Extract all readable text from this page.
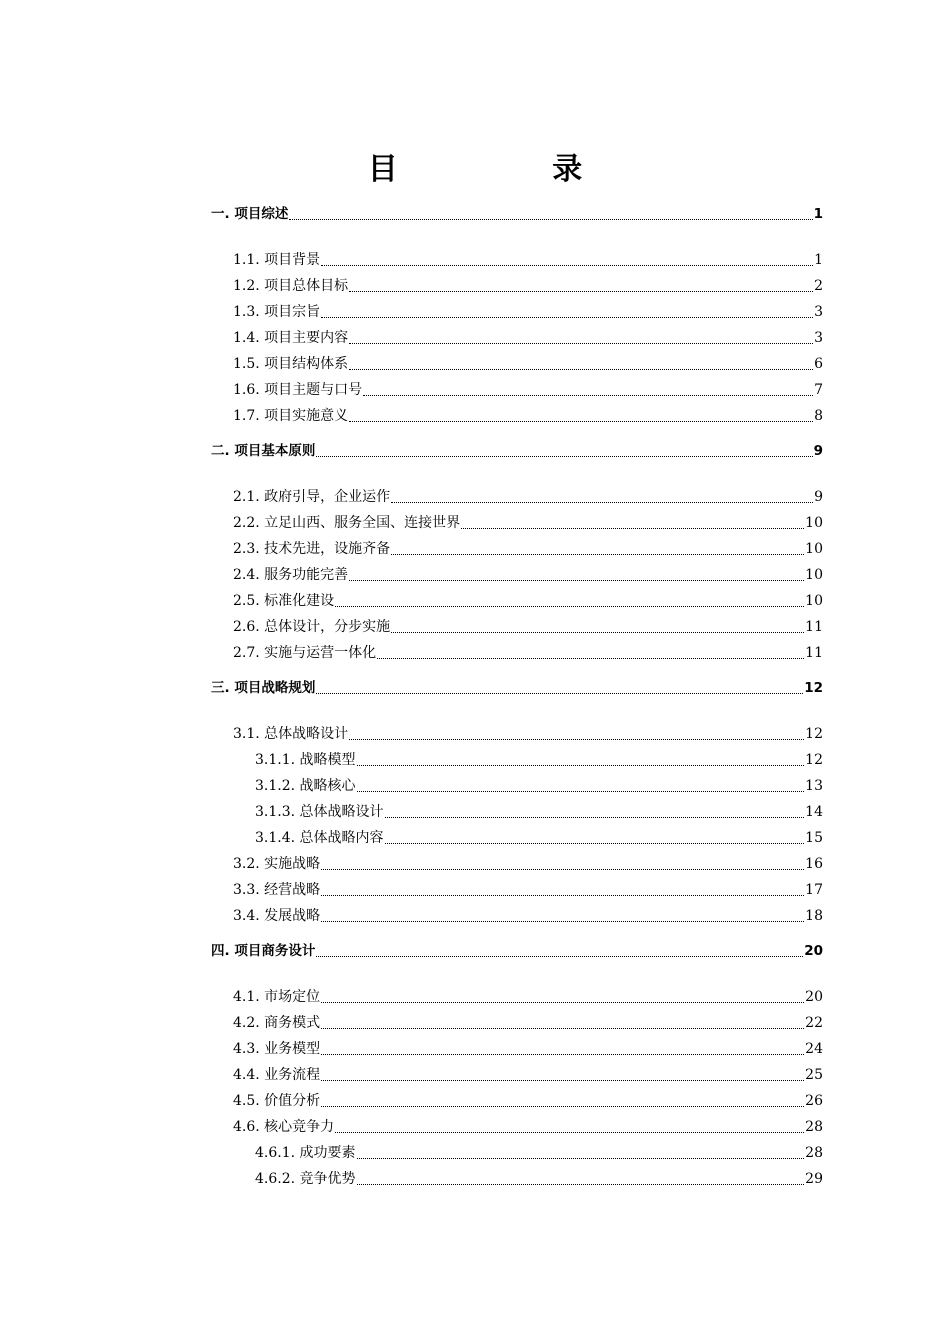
目 录
一. 项目综述	1
1.1. 项目背景	1
1.2. 项目总体目标	2
1.3. 项目宗旨	3
1.4. 项目主要内容	3
1.5. 项目结构体系	6
1.6. 项目主题与口号	7
1.7. 项目实施意义	8
二. 项目基本原则	9
2.1. 政府引导，企业运作	9
2.2. 立足山西、服务全国、连接世界	10
2.3. 技术先进，设施齐备	10
2.4. 服务功能完善	10
2.5. 标准化建设	10
2.6. 总体设计，分步实施	11
2.7. 实施与运营一体化	11
三. 项目战略规划	12
3.1. 总体战略设计	12
3.1.1. 战略模型	12
3.1.2. 战略核心	13
3.1.3. 总体战略设计	14
3.1.4. 总体战略内容	15
3.2. 实施战略	16
3.3. 经营战略	17
3.4. 发展战略	18
四. 项目商务设计	20
4.1. 市场定位	20
4.2. 商务模式	22
4.3. 业务模型	24
4.4. 业务流程	25
4.5. 价值分析	26
4.6. 核心竞争力	28
4.6.1. 成功要素	28
4.6.2. 竞争优势	29
